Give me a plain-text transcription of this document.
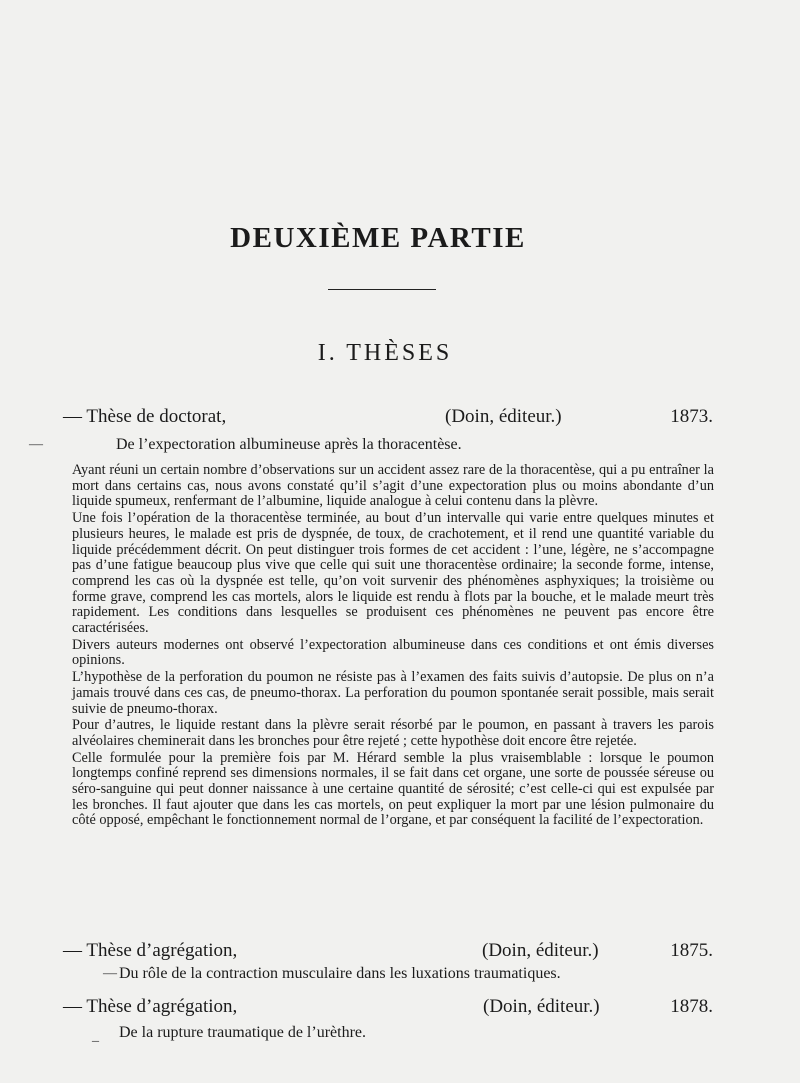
DEUXIÈME PARTIE
I. THÈSES
— Thèse de doctorat,	(Doin, éditeur.)	1873.
—	De l’expectoration albumineuse après la thoracentèse.

Ayant réuni un certain nombre d’observations sur un accident assez rare de la thoracentèse, qui a pu entraîner la mort dans certains cas, nous avons constaté qu’il s’agit d’une expectoration plus ou moins abondante d’un liquide spumeux, renfermant de l’albumine, liquide analogue à celui contenu dans la plèvre.

Une fois l’opération de la thoracentèse terminée, au bout d’un intervalle qui varie entre quelques minutes et plusieurs heures, le malade est pris de dyspnée, de toux, de crachotement, et il rend une quantité variable du liquide précédemment décrit. On peut distinguer trois formes de cet accident : l’une, légère, ne s’accompagne pas d’une fatigue beaucoup plus vive que celle qui suit une thoracentèse ordinaire; la seconde forme, intense, comprend les cas où la dyspnée est telle, qu’on voit survenir des phénomènes asphyxiques; la troisième ou forme grave, comprend les cas mortels, alors le liquide est rendu à flots par la bouche, et le malade meurt très rapidement. Les conditions dans lesquelles se produisent ces phénomènes ne peuvent pas encore être caractérisées.

Divers auteurs modernes ont observé l’expectoration albumineuse dans ces conditions et ont émis diverses opinions.

L’hypothèse de la perforation du poumon ne résiste pas à l’examen des faits suivis d’autopsie. De plus on n’a jamais trouvé dans ces cas, de pneumo-thorax. La perforation du poumon spontanée serait possible, mais serait suivie de pneumo-thorax.

Pour d’autres, le liquide restant dans la plèvre serait résorbé par le poumon, en passant à travers les parois alvéolaires cheminerait dans les bronches pour être rejeté ; cette hypothèse doit encore être rejetée.

Celle formulée pour la première fois par M. Hérard semble la plus vraisemblable : lorsque le poumon longtemps confiné reprend ses dimensions normales, il se fait dans cet organe, une sorte de poussée séreuse ou séro-sanguine qui peut donner naissance à une certaine quantité de sérosité; c’est celle-ci qui est expulsée par les bronches. Il faut ajouter que dans les cas mortels, on peut expliquer la mort par une lésion pulmonaire du côté opposé, empêchant le fonctionnement normal de l’organe, et par conséquent la facilité de l’expectoration.

— Thèse d’agrégation,	(Doin, éditeur.)	1875.
— Du rôle de la contraction musculaire dans les luxations traumatiques.
— Thèse d’agrégation,	(Doin, éditeur.)	1878.
_ De la rupture traumatique de l’urèthre.
